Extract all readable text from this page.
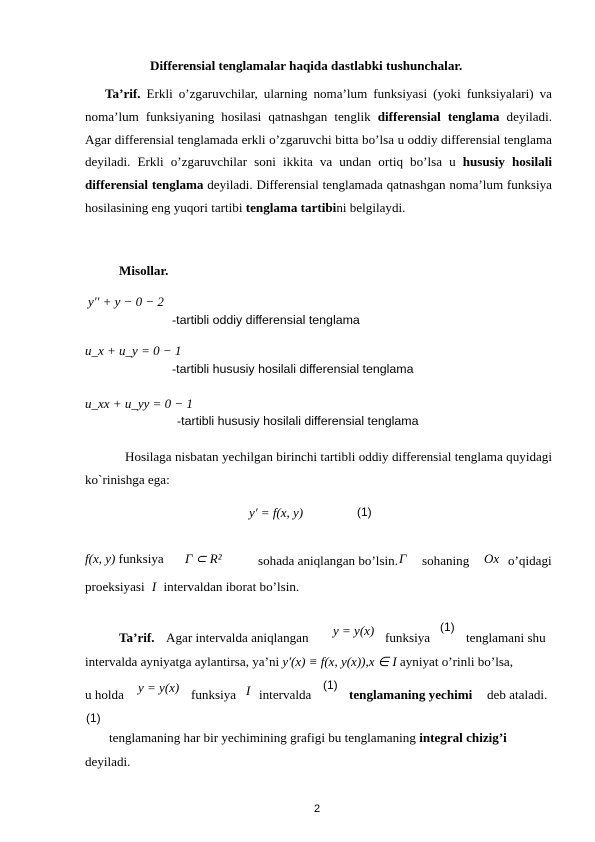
Differensial tenglamalar haqida dastlabki tushunchalar.
Ta’rif. Erkli o’zgaruvchilar, ularning noma’lum funksiyasi (yoki funksiyalari) va noma’lum funksiyaning hosilasi qatnashgan tenglik differensial tenglama deyiladi. Agar differensial tenglamada erkli o’zgaruvchi bitta bo’lsa u oddiy differensial tenglama deyiladi. Erkli o’zgaruvchilar soni ikkita va undan ortiq bo’lsa u hususiy hosilali differensial tenglama deyiladi. Differensial tenglamada qatnashgan noma’lum funksiya hosilasining eng yuqori tartibi tenglama tartibini belgilaydi.
Misollar.
y'' + y − 0 − 2
-tartibli oddiy differensial tenglama
u_x + u_y = 0 − 1
-tartibli hususiy hosilali differensial tenglama
u_xx + u_yy = 0 − 1
-tartibli hususiy hosilali differensial tenglama
Hosilaga nisbatan yechilgan birinchi tartibli oddiy differensial tenglama quyidagi ko`rinishga ega:
y' = f(x, y)	(1)
f(x, y) funksiya Γ ⊂ R²	sohada aniqlangan bo’lsin. Γ sohaning Ox o’qidagi
proeksiyasi I intervaldan iborat bo’lsin.
Ta’rif. Agar intervalda aniqlangan y = y(x) funksiya
(1)
tenglamani shu
intervalda ayniyatga aylantirsa, ya’ni y′(x) ≡ f(x, y(x)),x ∈ I ayniyat o’rinli bo’lsa,
u holda y = y(x) funksiya I intervalda
(1)
tenglamaning yechimi deb ataladi.
(1)
tenglamaning har bir yechimining grafigi bu tenglamaning integral chizig’i
deyiladi.
2
